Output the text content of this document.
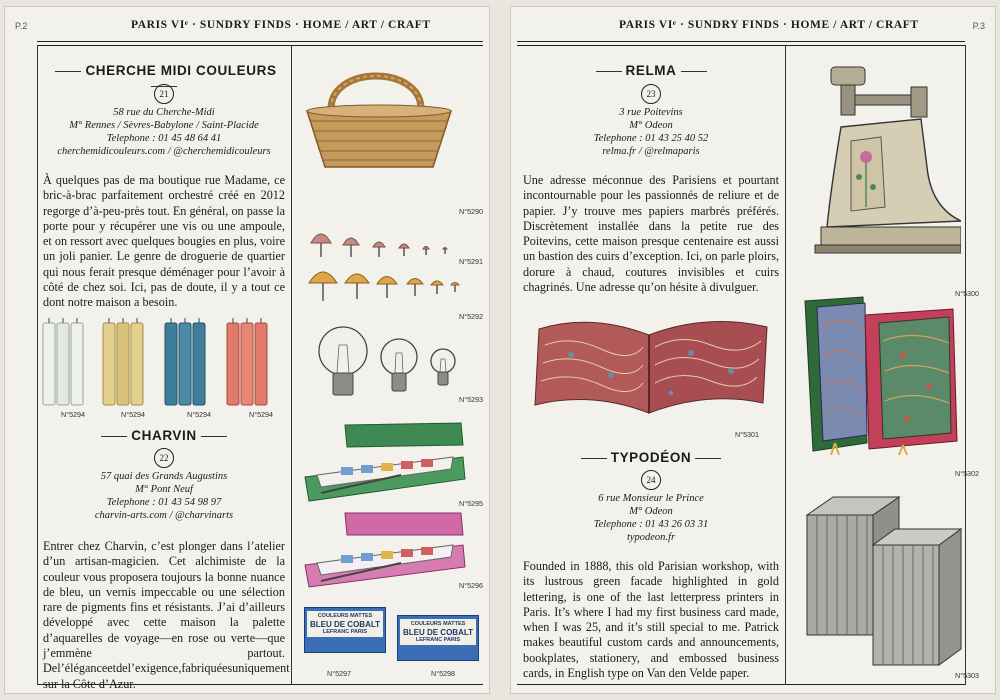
P.2	PARIS VIᵉ · SUNDRY FINDS · HOME / ART / CRAFT
CHERCHE MIDI COULEURS
21
58 rue du Cherche-Midi
M° Rennes / Sèvres-Babylone / Saint-Placide
Telephone : 01 45 48 64 41
cherchemidicouleurs.com / @cherchemidicouleurs
À quelques pas de ma boutique rue Madame, ce bric-à-brac parfaitement orchestré créé en 2012 regorge d’à-peu-près tout. En général, on passe la porte pour y récupérer une vis ou une ampoule, et on ressort avec quelques bougies en plus, voire un joli panier. Le genre de droguerie de quartier qui nous ferait presque déménager pour l’avoir à côté de chez soi. Ici, pas de doute, il y a tout ce dont notre maison a besoin.
N°5294	N°5294	N°5294	N°5294
CHARVIN
22
57 quai des Grands Augustins
M° Pont Neuf
Telephone : 01 43 54 98 97
charvin-arts.com / @charvinarts
Entrer chez Charvin, c’est plonger dans l’atelier d’un artisan-magicien. Cet alchimiste de la couleur vous proposera toujours la bonne nuance de bleu, un vernis impeccable ou une sélection rare de pigments fins et résistants. J’ai d’ailleurs développé avec cette maison la palette d’aquarelles de voyage—en rose ou verte—que j’emmène partout. Del’éléganceetdel’exigence,fabriquéesuniquement sur la Côte d’Azur.
N°5290
N°5291
N°5292
N°5293
N°5295
N°5296
COULEURS MATTES
BLEU DE COBALT
LEFRANC PARIS
COULEURS MATTES
BLEU DE COBALT
LEFRANC PARIS
N°5297	N°5298
P.3
PARIS VIᵉ · SUNDRY FINDS · HOME / ART / CRAFT
RELMA
23
3 rue Poitevins
M° Odeon
Telephone : 01 43 25 40 52
relma.fr / @relmaparis
Une adresse méconnue des Parisiens et pourtant incontournable pour les passionnés de reliure et de papier. J’y trouve mes papiers marbrés préférés. Discrètement installée dans la petite rue des Poitevins, cette maison presque centenaire est aussi un bastion des cuirs d’exception. Ici, on parle ploirs, dorure à chaud, coutures invisibles et cuirs chagrinés. Une adresse qu’on hésite à divulguer.
N°5301
TYPODÉON
24
6 rue Monsieur le Prince
M° Odeon
Telephone : 01 43 26 03 31
typodeon.fr
Founded in 1888, this old Parisian workshop, with its lustrous green facade highlighted in gold lettering, is one of the last letterpress printers in Paris. It’s where I had my first business card made, when I was 25, and it’s still special to me. Patrick makes beautiful custom cards and announcements, bookplates, stationery, and embossed business cards, in English type on Van den Velde paper.
N°5300
N°5302
N°5303
